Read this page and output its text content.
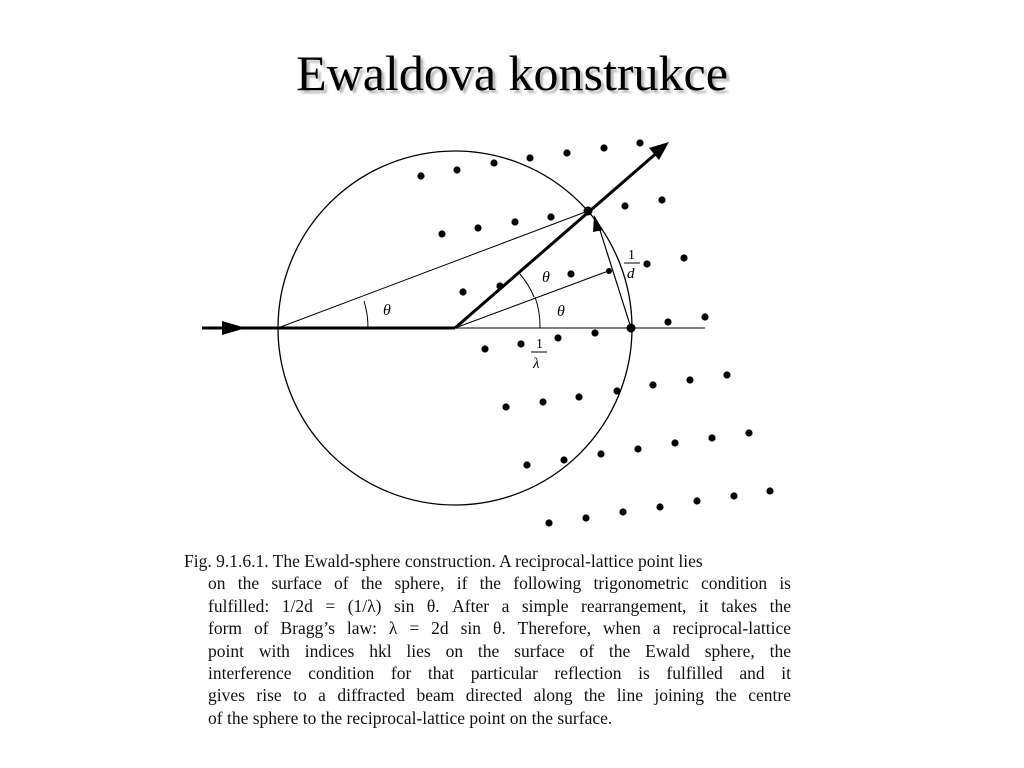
Ewaldova konstrukce
θ
θ
θ
1
d
1
λ
Fig. 9.1.6.1. The Ewald-sphere construction. A reciprocal-lattice point lies
on the surface of the sphere, if the following trigonometric condition is
fulfilled: 1/2d = (1/λ) sin θ. After a simple rearrangement, it takes the
form of Bragg’s law: λ = 2d sin θ. Therefore, when a reciprocal-lattice
point with indices hkl lies on the surface of the Ewald sphere, the
interference condition for that particular reflection is fulfilled and it
gives rise to a diffracted beam directed along the line joining the centre
of the sphere to the reciprocal-lattice point on the surface.
